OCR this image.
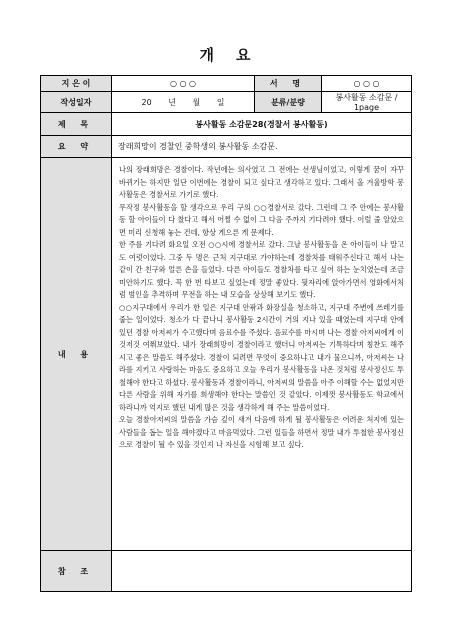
개 요
지 은 이	○ ○ ○	서 명	○ ○ ○
작성일자	20 년 월 일	분류/분량	봉사활동 소감문 / 1page
제 목	봉사활동 소감문28(경찰서 봉사활동)		
요 약	장래희망이 경찰인 중학생의 봉사활동 소감문.		
내 용	나의 장래희망은 경찰이다. 작년에는 의사였고 그 전에는 선생님이었고, 이렇게 꿈이 자꾸 바뀌기는 하지만 일단 이번에는 경찰이 되고 싶다고 생각하고 있다. 그래서 올 겨울방학 봉사활동은 경찰서로 가기로 했다.

무작정 봉사활동을 할 생각으로 우리 구의 ○○경찰서로 갔다. 그런데 그 주 안에는 봉사활동 할 아이들이 다 찼다고 해서 어쩔 수 없이 그 다음 주까지 기다려야 했다. 이럴 줄 알았으면 미리 신청해 놓는 건데, 항상 게으른 게 문제다.

한 주를 기다려 화요일 오전 ○○시에 경찰서로 갔다. 그날 봉사활동을 온 아이들이 나 말고도 여럿이었다. 그중 두 명은 근처 지구대로 가야하는데 경찰차를 태워주신다고 해서 나는 같이 간 친구와 얼른 손을 들었다. 다른 아이들도 경찰차를 타고 싶어 하는 눈치였는데 조금 미안하기도 했다. 꼭 한 번 타보고 싶었는데 정말 좋았다. 뒷자리에 앉아가면서 영화에서처럼 범인을 추격하며 무전을 하는 내 모습을 상상해 보기도 했다.

○○지구대에서 우리가 한 일은 지구대 안팎과 화장실을 청소하고, 지구대 주변에 쓰레기를 줍는 일이었다. 청소가 다 끝나니 봉사활동 2시간이 거의 지나 있을 때였는데 지구대 안에 있던 경찰 아저씨가 수고했다며 음료수를 주셨다. 음료수를 마시며 나는 경찰 아저씨에게 이것저것 여쭤보았다. 내가 장래희망이 경찰이라고 했더니 아저씨는 기특하다며 칭찬도 해주시고 좋은 말씀도 해주셨다. 경찰이 되려면 무엇이 중요하냐고 내가 물으니까, 아저씨는 나라를 지키고 사랑하는 마음도 중요하고 오늘 우리가 봉사활동을 나온 것처럼 봉사정신도 투철해야 한다고 하셨다. 봉사활동과 경찰이라니, 아저씨의 말씀을 아주 이해할 수는 없었지만 다른 사람을 위해 자기를 희생해야 한다는 말씀인 것 같았다. 이제껏 봉사활동도 학교에서 하라니까 억지로 했던 내게 많은 것을 생각하게 해 주는 말씀이었다.

오늘 경찰아저씨의 말씀을 가슴 깊이 새겨 다음에 하게 될 봉사활동은 어려운 처지에 있는 사람들을 돕는 일을 해야겠다고 마음먹었다. 그런 일들을 하면서 정말 내가 투철한 봉사정신으로 경찰이 될 수 있을 것인지 나 자신을 시험해 보고 싶다.		

참 조			
